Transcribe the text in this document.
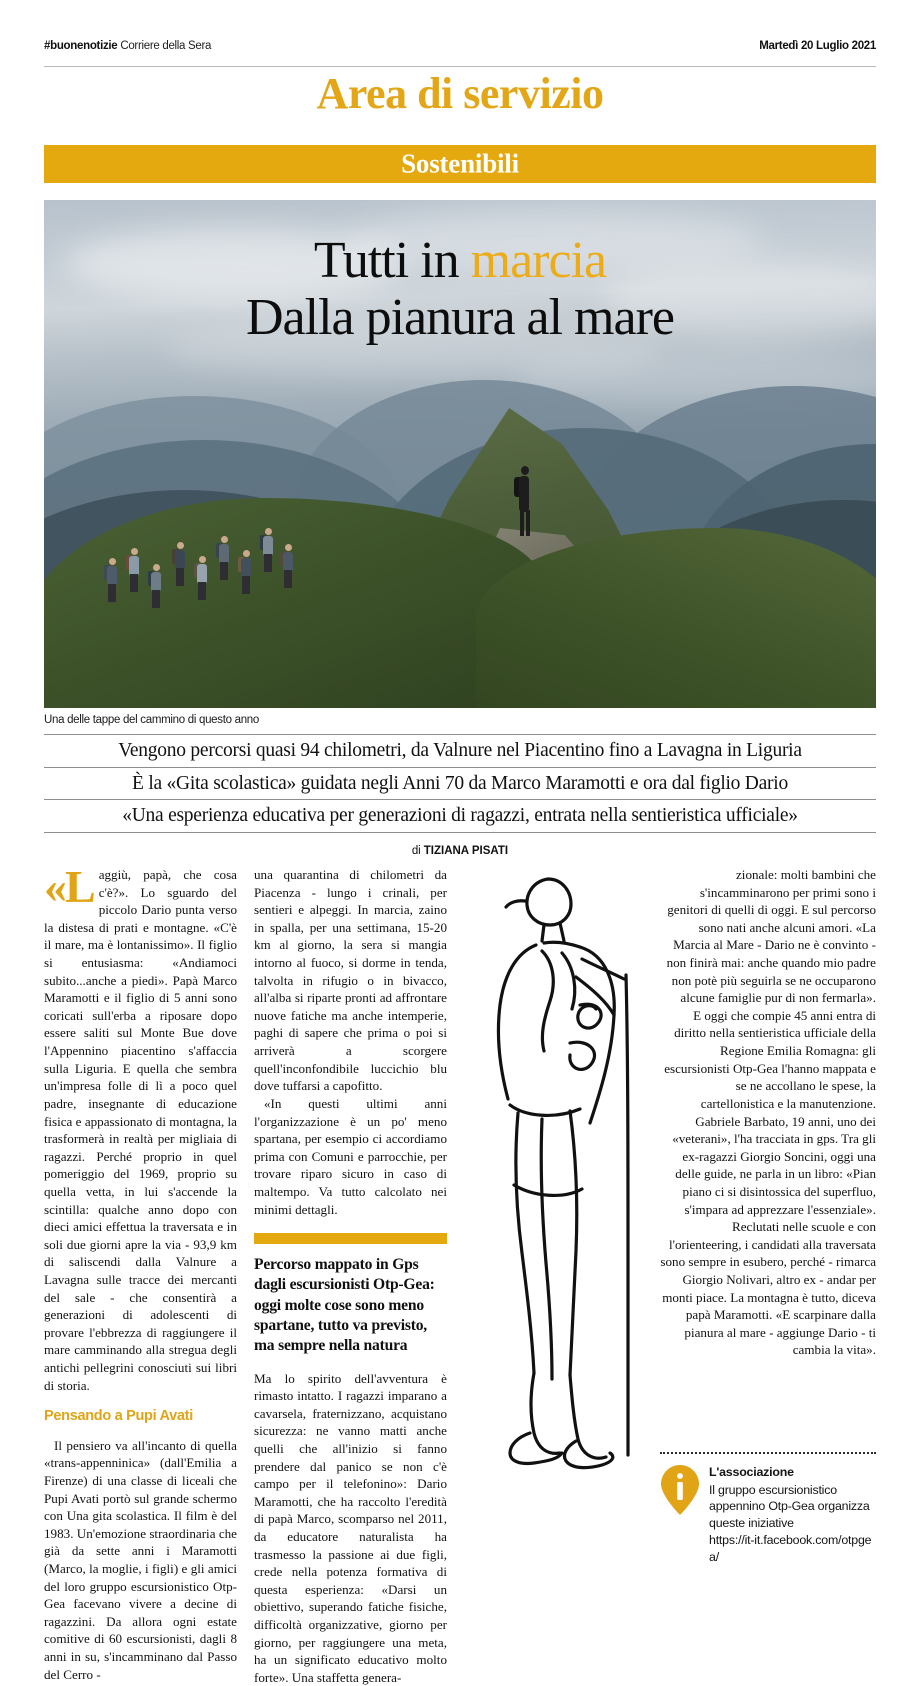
#buonenotizie Corriere della Sera	Martedì 20 Luglio 2021
Area di servizio
Sostenibili
Tutti in marcia
Dalla pianura al mare
Una delle tappe del cammino di questo anno
Vengono percorsi quasi 94 chilometri, da Valnure nel Piacentino fino a Lavagna in Liguria
È la «Gita scolastica» guidata negli Anni 70 da Marco Maramotti e ora dal figlio Dario
«Una esperienza educativa per generazioni di ragazzi, entrata nella sentieristica ufficiale»
di TIZIANA PISATI
«L aggiù, papà, che cosa c'è?». Lo sguardo del piccolo Dario punta verso la distesa di prati e montagne. «C'è il mare, ma è lontanissimo». Il figlio si entusiasma: «Andiamoci subito...anche a piedi». Papà Marco Maramotti e il figlio di 5 anni sono coricati sull'erba a riposare dopo essere saliti sul Monte Bue dove l'Appennino piacentino s'affaccia sulla Liguria. E quella che sembra un'impresa folle di lì a poco quel padre, insegnante di educazione fisica e appassionato di montagna, la trasformerà in realtà per migliaia di ragazzi. Perché proprio in quel pomeriggio del 1969, proprio su quella vetta, in lui s'accende la scintilla: qualche anno dopo con dieci amici effettua la traversata e in soli due giorni apre la via - 93,9 km di saliscendi dalla Valnure a Lavagna sulle tracce dei mercanti del sale - che consentirà a generazioni di adolescenti di provare l'ebbrezza di raggiungere il mare camminando alla stregua degli antichi pellegrini conosciuti sui libri di storia.

Pensando a Pupi Avati

Il pensiero va all'incanto di quella «trans-appenninica» (dall'Emilia a Firenze) di una classe di liceali che Pupi Avati portò sul grande schermo con Una gita scolastica. Il film è del 1983. Un'emozione straordinaria che già da sette anni i Maramotti (Marco, la moglie, i figli) e gli amici del loro gruppo escursionistico Otp-Gea facevano vivere a decine di ragazzini. Da allora ogni estate comitive di 60 escursionisti, dagli 8 anni in su, s'incamminano dal Passo del Cerro -

una quarantina di chilometri da Piacenza - lungo i crinali, per sentieri e alpeggi. In marcia, zaino in spalla, per una settimana, 15-20 km al giorno, la sera si mangia intorno al fuoco, si dorme in tenda, talvolta in rifugio o in bivacco, all'alba si riparte pronti ad affrontare nuove fatiche ma anche intemperie, paghi di sapere che prima o poi si arriverà a scorgere quell'inconfondibile luccichio blu dove tuffarsi a capofitto.

«In questi ultimi anni l'organizzazione è un po' meno spartana, per esempio ci accordiamo prima con Comuni e parrocchie, per trovare riparo sicuro in caso di maltempo. Va tutto calcolato nei minimi dettagli.

Percorso mappato in Gps dagli escursionisti Otp-Gea: oggi molte cose sono meno spartane, tutto va previsto, ma sempre nella natura

Ma lo spirito dell'avventura è rimasto intatto. I ragazzi imparano a cavarsela, fraternizzano, acquistano sicurezza: ne vanno matti anche quelli che all'inizio si fanno prendere dal panico se non c'è campo per il telefonino»: Dario Maramotti, che ha raccolto l'eredità di papà Marco, scomparso nel 2011, da educatore naturalista ha trasmesso la passione ai due figli, crede nella potenza formativa di questa esperienza: «Darsi un obiettivo, superando fatiche fisiche, difficoltà organizzative, giorno per giorno, per raggiungere una meta, ha un significato educativo molto forte». Una staffetta genera-

zionale: molti bambini che s'incamminarono per primi sono i genitori di quelli di oggi. E sul percorso sono nati anche alcuni amori. «La Marcia al Mare - Dario ne è convinto - non finirà mai: anche quando mio padre non potè più seguirla se ne occuparono alcune famiglie pur di non fermarla».

E oggi che compie 45 anni entra di diritto nella sentieristica ufficiale della Regione Emilia Romagna: gli escursionisti Otp-Gea l'hanno mappata e se ne accollano le spese, la cartellonistica e la manutenzione. Gabriele Barbato, 19 anni, uno dei «veterani», l'ha tracciata in gps. Tra gli ex-ragazzi Giorgio Soncini, oggi una delle guide, ne parla in un libro: «Pian piano ci si disintossica del superfluo, s'impara ad apprezzare l'essenziale». Reclutati nelle scuole e con l'orienteering, i candidati alla traversata sono sempre in esubero, perché - rimarca Giorgio Nolivari, altro ex - andar per monti piace. La montagna è tutto, diceva papà Maramotti. «E scarpinare dalla pianura al mare - aggiunge Dario - ti cambia la vita».

L'associazione
Il gruppo escursionistico appennino Otp-Gea organizza queste iniziative
https://it-it.facebook.com/otpgea/
